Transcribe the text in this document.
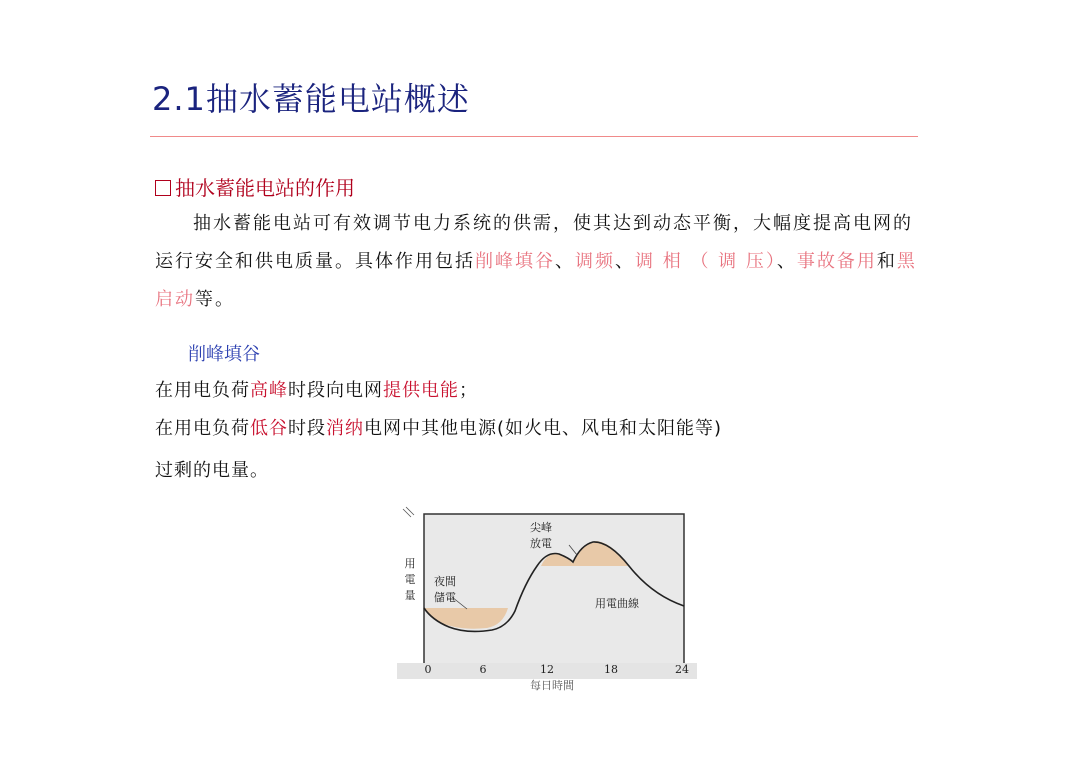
2.1抽水蓄能电站概述
抽水蓄能电站的作用
抽水蓄能电站可有效调节电力系统的供需，使其达到动态平衡，大幅度提高电网的运行安全和供电质量。具体作用包括削峰填谷、调频、调 相 （ 调 压）、事故备用和黑启动等。
削峰填谷
在用电负荷高峰时段向电网提供电能；
在用电负荷低谷时段消纳电网中其他电源(如火电、风电和太阳能等)
过剩的电量。
用
電
量
尖峰
放電
夜間
儲電	用電曲線
0	6	12	18	24
每日時間
